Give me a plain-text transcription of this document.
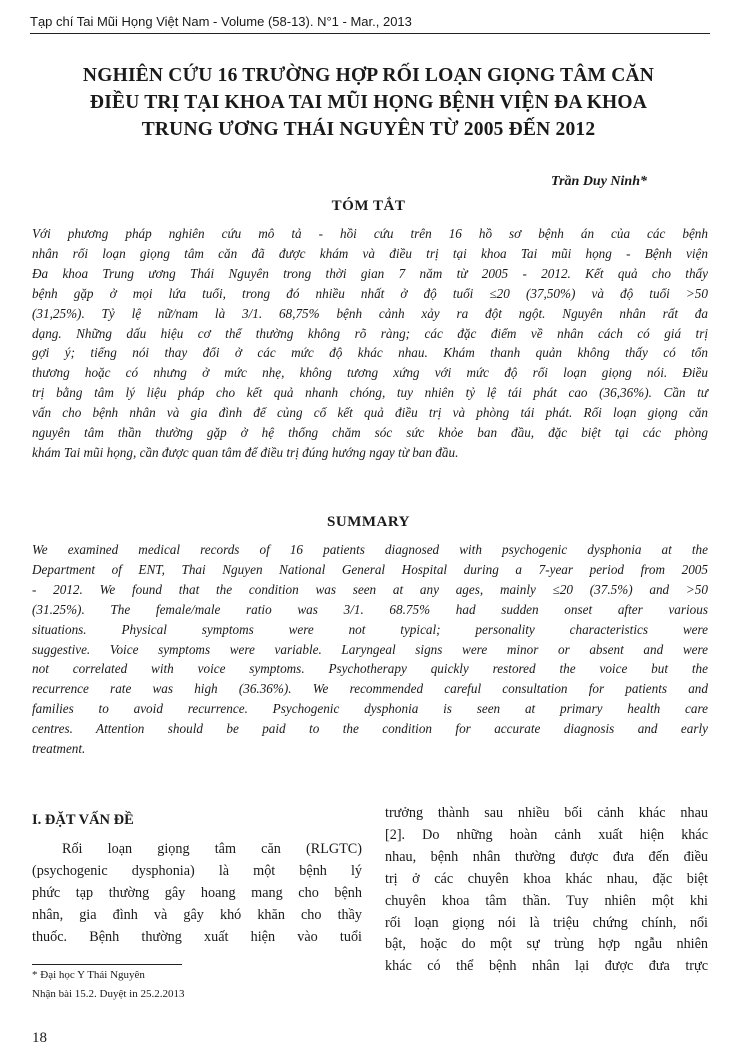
Tạp chí Tai Mũi Họng Việt Nam - Volume (58-13). N°1 - Mar., 2013
NGHIÊN CỨU 16 TRƯỜNG HỢP RỐI LOẠN GIỌNG TÂM CĂN
ĐIỀU TRỊ TẠI KHOA TAI MŨI HỌNG BỆNH VIỆN ĐA KHOA
TRUNG ƯƠNG THÁI NGUYÊN TỪ 2005 ĐẾN 2012
Trần Duy Ninh*
TÓM TẮT
Với phương pháp nghiên cứu mô tả - hồi cứu trên 16 hồ sơ bệnh án của các bệnh
nhân rối loạn giọng tâm căn đã được khám và điều trị tại khoa Tai mũi họng - Bệnh viện
Đa khoa Trung ương Thái Nguyên trong thời gian 7 năm từ 2005 - 2012. Kết quả cho thấy
bệnh gặp ở mọi lứa tuổi, trong đó nhiều nhất ở độ tuổi ≤20 (37,50%) và độ tuổi >50
(31,25%). Tỷ lệ nữ/nam là 3/1. 68,75% bệnh cảnh xảy ra đột ngột. Nguyên nhân rất đa
dạng. Những dấu hiệu cơ thể thường không rõ ràng; các đặc điểm về nhân cách có giá trị
gợi ý; tiếng nói thay đổi ở các mức độ khác nhau. Khám thanh quản không thấy có tổn
thương hoặc có nhưng ở mức nhẹ, không tương xứng với mức độ rối loạn giọng nói. Điều
trị bằng tâm lý liệu pháp cho kết quả nhanh chóng, tuy nhiên tỷ lệ tái phát cao (36,36%). Cần tư
vấn cho bệnh nhân và gia đình để củng cố kết quả điều trị và phòng tái phát. Rối loạn giọng căn
nguyên tâm thần thường gặp ở hệ thống chăm sóc sức khỏe ban đầu, đặc biệt tại các phòng
khám Tai mũi họng, cần được quan tâm để điều trị đúng hướng ngay từ ban đầu.
SUMMARY
We examined medical records of 16 patients diagnosed with psychogenic dysphonia at the
Department of ENT, Thai Nguyen National General Hospital during a 7-year period from 2005
- 2012. We found that the condition was seen at any ages, mainly ≤20 (37.5%) and >50
(31.25%). The female/male ratio was 3/1. 68.75% had sudden onset after various
situations. Physical symptoms were not typical; personality characteristics were
suggestive. Voice symptoms were variable. Laryngeal signs were minor or absent and were
not correlated with voice symptoms. Psychotherapy quickly restored the voice but the
recurrence rate was high (36.36%). We recommended careful consultation for patients and
families to avoid recurrence. Psychogenic dysphonia is seen at primary health care
centres. Attention should be paid to the condition for accurate diagnosis and early
treatment.
I. ĐẶT VẤN ĐỀ
Rối loạn giọng tâm căn (RLGTC)
(psychogenic dysphonia) là một bệnh lý
phức tạp thường gây hoang mang cho bệnh
nhân, gia đình và gây khó khăn cho thầy
thuốc. Bệnh thường xuất hiện vào tuổi
trưởng thành sau nhiều bối cảnh khác nhau
[2]. Do những hoàn cảnh xuất hiện khác
nhau, bệnh nhân thường được đưa đến điều
trị ở các chuyên khoa khác nhau, đặc biệt
chuyên khoa tâm thần. Tuy nhiên một khi
rối loạn giọng nói là triệu chứng chính, nổi
bật, hoặc do một sự trùng hợp ngẫu nhiên
khác có thể bệnh nhân lại được đưa trực
* Đại học Y Thái Nguyên
Nhận bài 15.2. Duyệt in 25.2.2013
18
